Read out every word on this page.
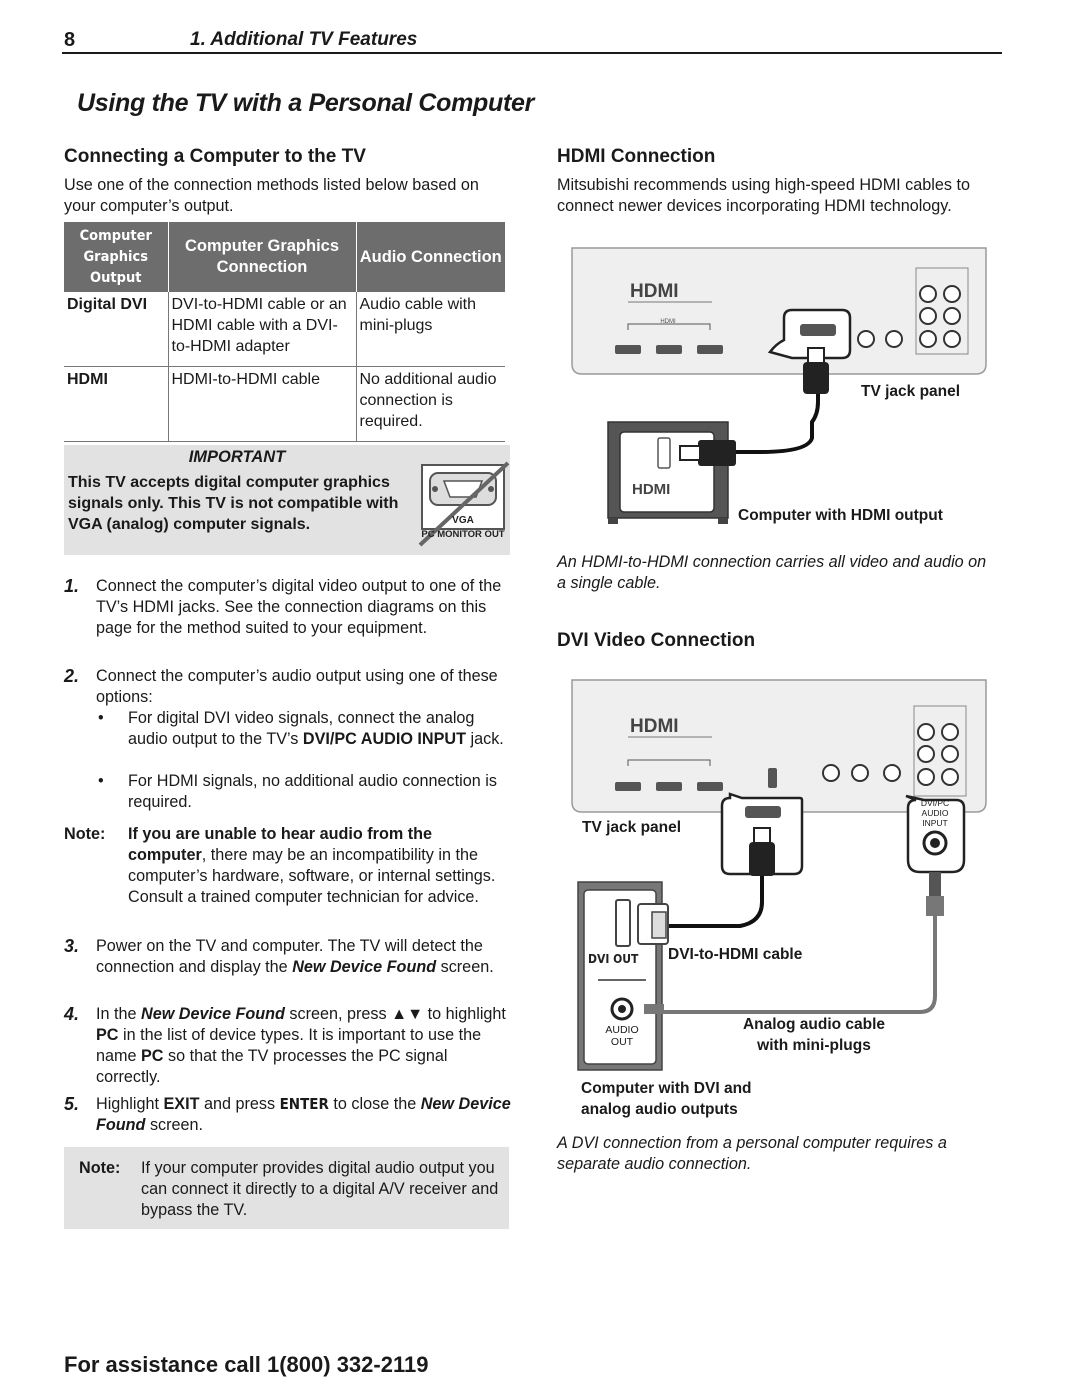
8	1. Additional TV Features
Using the TV with a Personal Computer
Connecting a Computer to the TV
Use one of the connection methods listed below based on your computer’s output.
Computer Graphics Output	Computer Graphics Connection	Audio Connection
Digital DVI	DVI-to-HDMI cable or an HDMI cable with a DVI-to-HDMI adapter	Audio cable with mini-plugs
HDMI	HDMI-to-HDMI cable	No additional audio connection is required.
IMPORTANT
This TV accepts digital computer graphics signals only. This TV is not compatible with VGA (analog) computer signals.	VGA
PC MONITOR OUT
1. Connect the computer’s digital video output to one of the TV’s HDMI jacks. See the connection diagrams on this page for the method suited to your equipment.
2. Connect the computer’s audio output using one of these options:
• For digital DVI video signals, connect the analog audio output to the TV’s DVI/PC AUDIO INPUT jack.
• For HDMI signals, no additional audio connection is required.
Note: If you are unable to hear audio from the computer, there may be an incompatibility in the computer’s hardware, software, or internal settings. Consult a trained computer technician for advice.
3. Power on the TV and computer. The TV will detect the connection and display the New Device Found screen.
4. In the New Device Found screen, press ▲▼ to highlight PC in the list of device types. It is important to use the name PC so that the TV processes the PC signal correctly.
5. Highlight EXIT and press ENTER to close the New Device Found screen.
Note: If your computer provides digital audio output you can connect it directly to a digital A/V receiver and bypass the TV.
HDMI Connection
Mitsubishi recommends using high-speed HDMI cables to connect newer devices incorporating HDMI technology.
HDMI
HDMI
HDMI
TV jack panel
Computer with HDMI output
An HDMI-to-HDMI connection carries all video and audio on a single cable.
DVI Video Connection
HDMI
TV jack panel
DVI OUT
AUDIO OUT
DVI/PC AUDIO INPUT
DVI-to-HDMI cable
Analog audio cable with mini-plugs
Computer with DVI and analog audio outputs
A DVI connection from a personal computer requires a separate audio connection.
For assistance call 1(800) 332-2119
